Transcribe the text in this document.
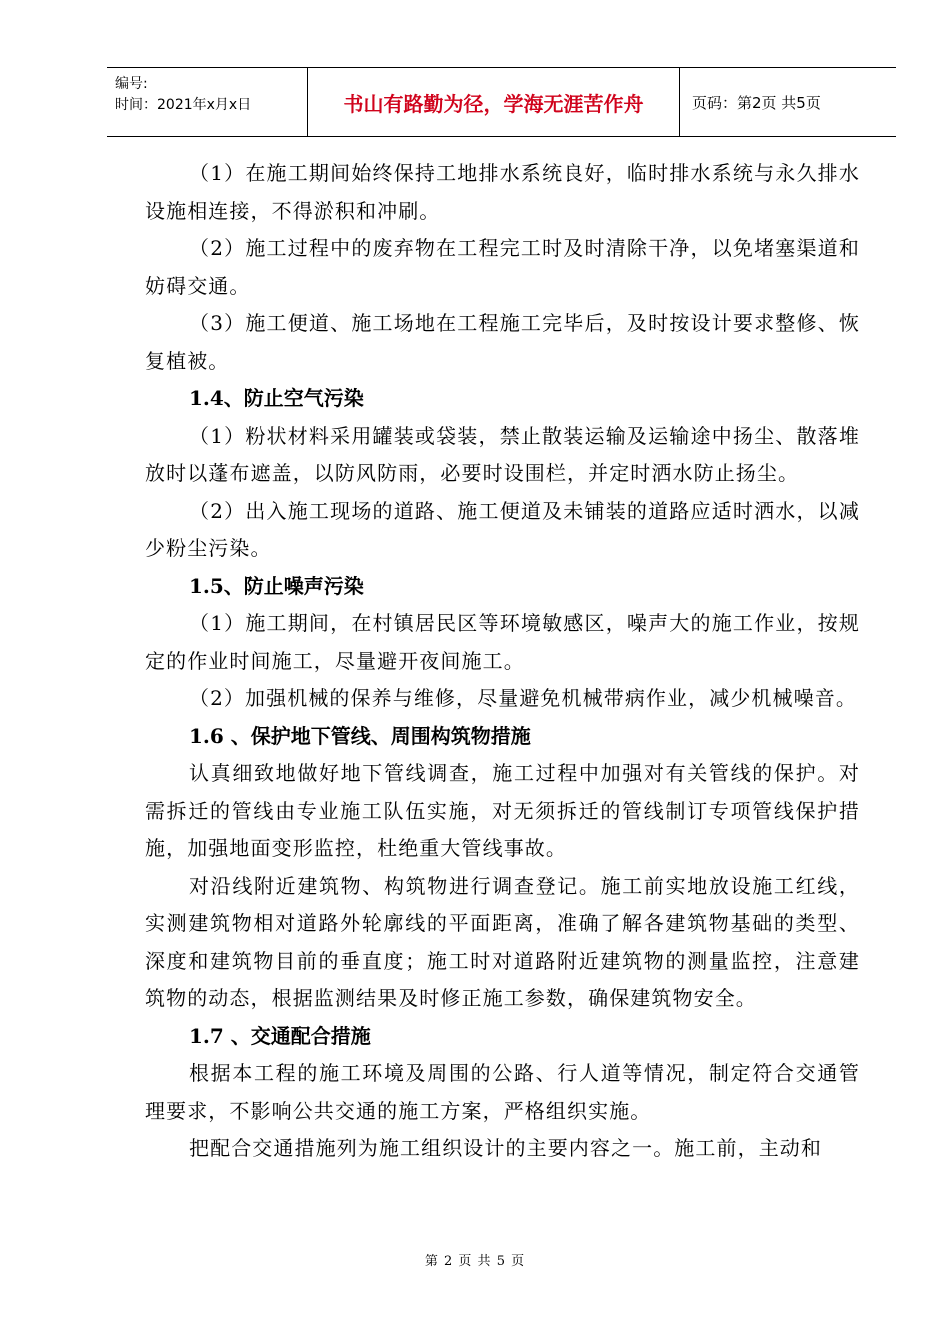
编号:
时间：2021年x月x日	书山有路勤为径，学海无涯苦作舟	页码：第2页 共5页

（1）在施工期间始终保持工地排水系统良好，临时排水系统与永久排水设施相连接，不得淤积和冲刷。

（2）施工过程中的废弃物在工程完工时及时清除干净，以免堵塞渠道和妨碍交通。

（3）施工便道、施工场地在工程施工完毕后，及时按设计要求整修、恢复植被。

1.4、防止空气污染

（1）粉状材料采用罐装或袋装，禁止散装运输及运输途中扬尘、散落堆放时以蓬布遮盖，以防风防雨，必要时设围栏，并定时洒水防止扬尘。

（2）出入施工现场的道路、施工便道及未铺装的道路应适时洒水，以减少粉尘污染。

1.5、防止噪声污染

（1）施工期间，在村镇居民区等环境敏感区，噪声大的施工作业，按规定的作业时间施工，尽量避开夜间施工。

（2）加强机械的保养与维修，尽量避免机械带病作业，减少机械噪音。

1.6 、保护地下管线、周围构筑物措施

认真细致地做好地下管线调查，施工过程中加强对有关管线的保护。对需拆迁的管线由专业施工队伍实施，对无须拆迁的管线制订专项管线保护措施，加强地面变形监控，杜绝重大管线事故。

对沿线附近建筑物、构筑物进行调查登记。施工前实地放设施工红线，实测建筑物相对道路外轮廓线的平面距离，准确了解各建筑物基础的类型、深度和建筑物目前的垂直度；施工时对道路附近建筑物的测量监控，注意建筑物的动态，根据监测结果及时修正施工参数，确保建筑物安全。

1.7 、交通配合措施

根据本工程的施工环境及周围的公路、行人道等情况，制定符合交通管理要求，不影响公共交通的施工方案，严格组织实施。

把配合交通措施列为施工组织设计的主要内容之一。施工前，主动和

第 2 页 共 5 页
